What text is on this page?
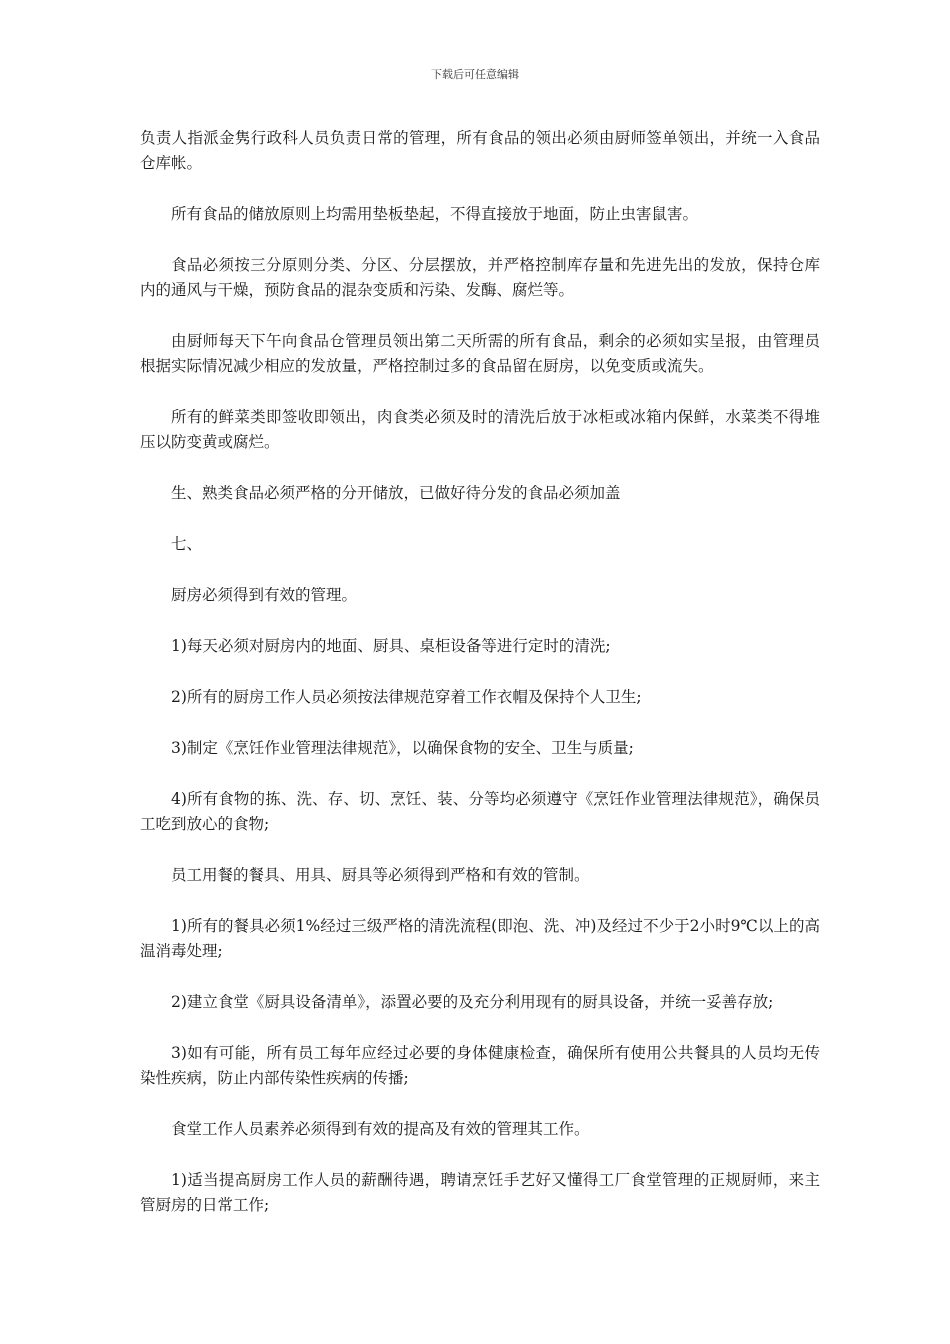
下载后可任意编辑

负责人指派金隽行政科人员负责日常的管理，所有食品的领出必须由厨师签单领出，并统一入食品仓库帐。

所有食品的储放原则上均需用垫板垫起，不得直接放于地面，防止虫害鼠害。

食品必须按三分原则分类、分区、分层摆放，并严格控制库存量和先进先出的发放，保持仓库内的通风与干燥，预防食品的混杂变质和污染、发酶、腐烂等。

由厨师每天下午向食品仓管理员领出第二天所需的所有食品，剩余的必须如实呈报，由管理员根据实际情况减少相应的发放量，严格控制过多的食品留在厨房，以免变质或流失。

所有的鲜菜类即签收即领出，肉食类必须及时的清洗后放于冰柜或冰箱内保鲜，水菜类不得堆压以防变黄或腐烂。

生、熟类食品必须严格的分开储放，已做好待分发的食品必须加盖

七、

厨房必须得到有效的管理。

1)每天必须对厨房内的地面、厨具、桌柜设备等进行定时的清洗;

2)所有的厨房工作人员必须按法律规范穿着工作衣帽及保持个人卫生;

3)制定《烹饪作业管理法律规范》，以确保食物的安全、卫生与质量;

4)所有食物的拣、洗、存、切、烹饪、装、分等均必须遵守《烹饪作业管理法律规范》，确保员工吃到放心的食物;

员工用餐的餐具、用具、厨具等必须得到严格和有效的管制。

1)所有的餐具必须1%经过三级严格的清洗流程(即泡、洗、冲)及经过不少于2小时9℃以上的高温消毒处理;

2)建立食堂《厨具设备清单》，添置必要的及充分利用现有的厨具设备，并统一妥善存放;

3)如有可能，所有员工每年应经过必要的身体健康检查，确保所有使用公共餐具的人员均无传染性疾病，防止内部传染性疾病的传播;

食堂工作人员素养必须得到有效的提高及有效的管理其工作。

1)适当提高厨房工作人员的薪酬待遇，聘请烹饪手艺好又懂得工厂食堂管理的正规厨师，来主管厨房的日常工作;
